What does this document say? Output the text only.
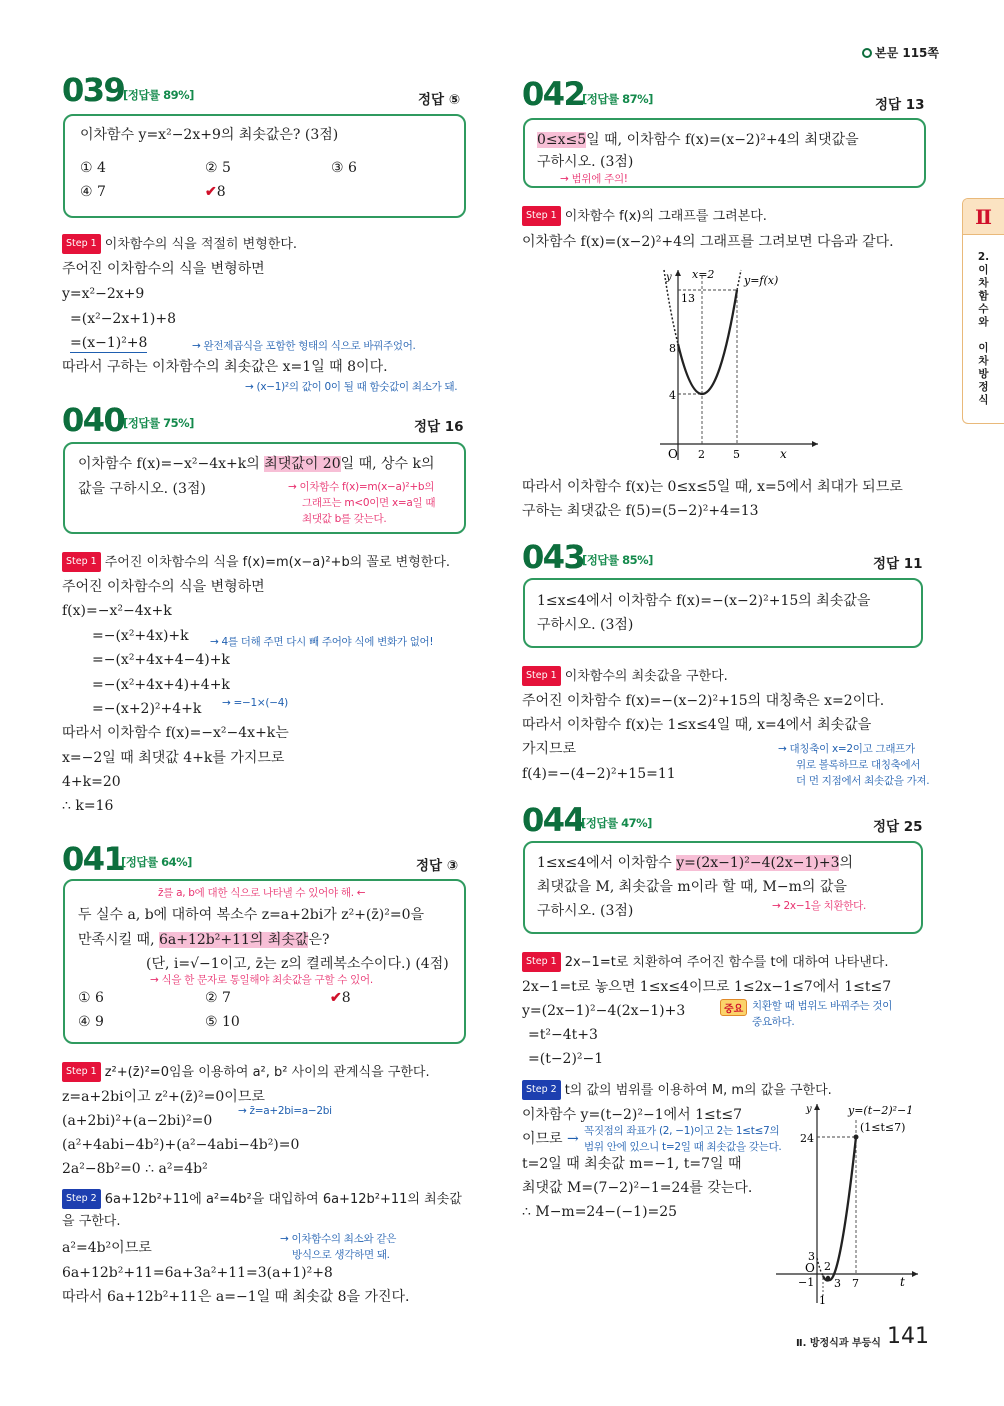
본문 115쪽
Ⅱ
2.
이
차
함
수
와

이
차
방
정
식
039
[정답률 89%]	정답 ⑤
이차함수 y=x²−2x+9의 최솟값은? (3점)
① 4	② 5	③ 6
④ 7	✔8
Step 1 이차함수의 식을 적절히 변형한다.
주어진 이차함수의 식을 변형하면
y=x²−2x+9
=(x²−2x+1)+8
=(x−1)²+8	→ 완전제곱식을 포함한 형태의 식으로 바꿔주었어.
따라서 구하는 이차함수의 최솟값은 x=1일 때 8이다.
→ (x−1)²의 값이 0이 될 때 함숫값이 최소가 돼.
040
[정답률 75%]	정답 16
이차함수 f(x)=−x²−4x+k의 최댓값이 20일 때, 상수 k의
값을 구하시오. (3점)	→ 이차함수 f(x)=m(x−a)²+b의
그래프는 m<0이면 x=a일 때
최댓값 b를 갖는다.
Step 1 주어진 이차함수의 식을 f(x)=m(x−a)²+b의 꼴로 변형한다.
주어진 이차함수의 식을 변형하면
f(x)=−x²−4x+k
=−(x²+4x)+k → 4를 더해 주면 다시 빼 주어야 식에 변화가 없어!
=−(x²+4x+4−4)+k
=−(x²+4x+4)+4+k
=−(x+2)²+4+k → =−1×(−4)
따라서 이차함수 f(x)=−x²−4x+k는
x=−2일 때 최댓값 4+k를 가지므로
4+k=20
∴ k=16
041
[정답률 64%]	정답 ③
z̄를 a, b에 대한 식으로 나타낼 수 있어야 해. ←
두 실수 a, b에 대하여 복소수 z=a+2bi가 z²+(z̄)²=0을
만족시킬 때, 6a+12b²+11의 최솟값은?
(단, i=√−1이고, z̄는 z의 켤레복소수이다.) (4점)
→ 식을 한 문자로 통일해야 최솟값을 구할 수 있어.
① 6	② 7	✔8
④ 9	⑤ 10
Step 1 z²+(z̄)²=0임을 이용하여 a², b² 사이의 관계식을 구한다.
z=a+2bi이고 z²+(z̄)²=0이므로
→ z̄=a+2bi=a−2bi
(a+2bi)²+(a−2bi)²=0
(a²+4abi−4b²)+(a²−4abi−4b²)=0
2a²−8b²=0 ∴ a²=4b²
Step 2 6a+12b²+11에 a²=4b²을 대입하여 6a+12b²+11의 최솟값
을 구한다.
→ 이차함수의 최소와 같은
방식으로 생각하면 돼.
a²=4b²이므로
6a+12b²+11=6a+3a²+11=3(a+1)²+8
따라서 6a+12b²+11은 a=−1일 때 최솟값 8을 가진다.
042
[정답률 87%]	정답 13
0≤x≤5일 때, 이차함수 f(x)=(x−2)²+4의 최댓값을
구하시오. (3점)
→ 범위에 주의!
Step 1 이차함수 f(x)의 그래프를 그려본다.
이차함수 f(x)=(x−2)²+4의 그래프를 그려보면 다음과 같다.
y x=2	y=f(x)
13
8
4
O 2	5	x
따라서 이차함수 f(x)는 0≤x≤5일 때, x=5에서 최대가 되므로
구하는 최댓값은 f(5)=(5−2)²+4=13
043
[정답률 85%]	정답 11
1≤x≤4에서 이차함수 f(x)=−(x−2)²+15의 최솟값을
구하시오. (3점)
Step 1 이차함수의 최솟값을 구한다.
주어진 이차함수 f(x)=−(x−2)²+15의 대칭축은 x=2이다.
따라서 이차함수 f(x)는 1≤x≤4일 때, x=4에서 최솟값을
가지므로
f(4)=−(4−2)²+15=11
→ 대칭축이 x=2이고 그래프가
위로 볼록하므로 대칭축에서
더 먼 지점에서 최솟값을 가져.
044
[정답률 47%]	정답 25
1≤x≤4에서 이차함수 y=(2x−1)²−4(2x−1)+3의
최댓값을 M, 최솟값을 m이라 할 때, M−m의 값을
구하시오. (3점)	→ 2x−1을 치환한다.
Step 1 2x−1=t로 치환하여 주어진 함수를 t에 대하여 나타낸다.
2x−1=t로 놓으면 1≤x≤4이므로 1≤2x−1≤7에서 1≤t≤7
y=(2x−1)²−4(2x−1)+3	중요 치환할 때 범위도 바꿔주는 것이
중요하다.
=t²−4t+3
=(t−2)²−1
Step 2 t의 값의 범위를 이용하여 M, m의 값을 구한다.
이차함수 y=(t−2)²−1에서 1≤t≤7
이므로 → 꼭짓점의 좌표가 (2, −1)이고 2는 1≤t≤7의
범위 안에 있으니 t=2일 때 최솟값을 갖는다.
t=2일 때 최솟값 m=−1, t=7일 때
최댓값 M=(7−2)²−1=24를 갖는다.
∴ M−m=24−(−1)=25
y	y=(t−2)²−1
(1≤t≤7)
24
3
O 2
−1 3 7
1
t
Ⅱ. 방정식과 부등식 141
